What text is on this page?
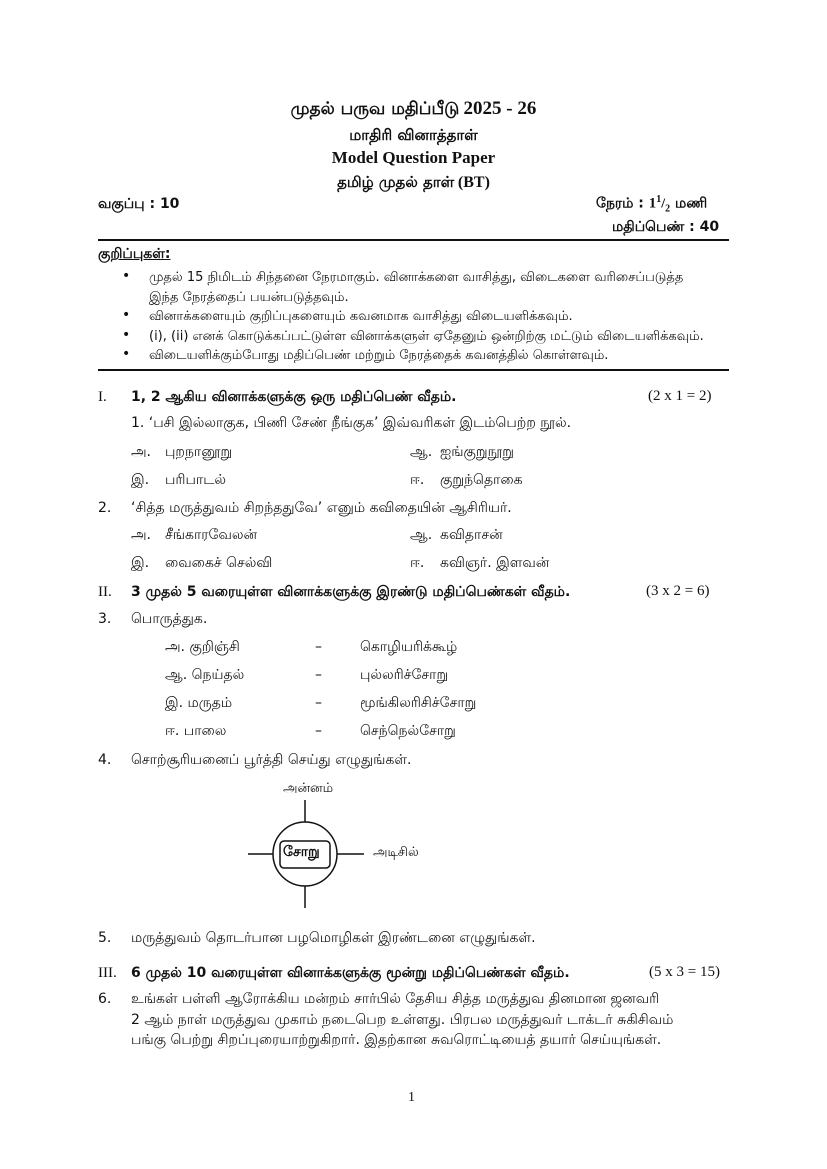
முதல் பருவ மதிப்பீடு 2025 - 26
மாதிரி வினாத்தாள்
Model Question Paper
தமிழ் முதல் தாள் (BT)
வகுப்பு : 10	நேரம் : $1^1/_2$ மணி
மதிப்பெண் : 40
குறிப்புகள்:
• முதல் 15 நிமிடம் சிந்தனை நேரமாகும். வினாக்களை வாசித்து, விடைகளை வரிசைப்படுத்த
இந்த நேரத்தைப் பயன்படுத்தவும்.
• வினாக்களையும் குறிப்புகளையும் கவனமாக வாசித்து விடையளிக்கவும்.
• (i), (ii) எனக் கொடுக்கப்பட்டுள்ள வினாக்களுள் ஏதேனும் ஒன்றிற்கு மட்டும் விடையளிக்கவும்.
• விடையளிக்கும்போது மதிப்பெண் மற்றும் நேரத்தைக் கவனத்தில் கொள்ளவும்.
I. 1, 2 ஆகிய வினாக்களுக்கு ஒரு மதிப்பெண் வீதம்.	(2 x 1 = 2)
1. ‘பசி இல்லாகுக, பிணி சேண் நீங்குக’ இவ்வரிகள் இடம்பெற்ற நூல்.
அ. புறநானூறு	ஆ. ஐங்குறுநூறு
இ. பரிபாடல்	ஈ. குறுந்தொகை
2. ‘சித்த மருத்துவம் சிறந்ததுவே’ எனும் கவிதையின் ஆசிரியர்.
அ. சீங்காரவேலன்	ஆ. கவிதாசன்
இ. வைகைச் செல்வி	ஈ. கவிஞர். இளவன்
II. 3 முதல் 5 வரையுள்ள வினாக்களுக்கு இரண்டு மதிப்பெண்கள் வீதம்.	(3 x 2 = 6)
3. பொருத்துக.
அ. குறிஞ்சி	–	கொழியரிக்கூழ்
ஆ. நெய்தல்	–	புல்லரிச்சோறு
இ. மருதம்	–	மூங்கிலரிசிச்சோறு
ஈ. பாலை	–	செந்நெல்சோறு
4. சொற்சூரியனைப் பூர்த்தி செய்து எழுதுங்கள்.
சோறு
அன்னம்
அடிசில்
5. மருத்துவம் தொடர்பான பழமொழிகள் இரண்டனை எழுதுங்கள்.
III. 6 முதல் 10 வரையுள்ள வினாக்களுக்கு மூன்று மதிப்பெண்கள் வீதம்.	(5 x 3 = 15)
6. உங்கள் பள்ளி ஆரோக்கிய மன்றம் சார்பில் தேசிய சித்த மருத்துவ தினமான ஜனவரி
2 ஆம் நாள் மருத்துவ முகாம் நடைபெற உள்ளது. பிரபல மருத்துவர் டாக்டர் சுகிசிவம்
பங்கு பெற்று சிறப்புரையாற்றுகிறார். இதற்கான சுவரொட்டியைத் தயார் செய்யுங்கள்.
1
